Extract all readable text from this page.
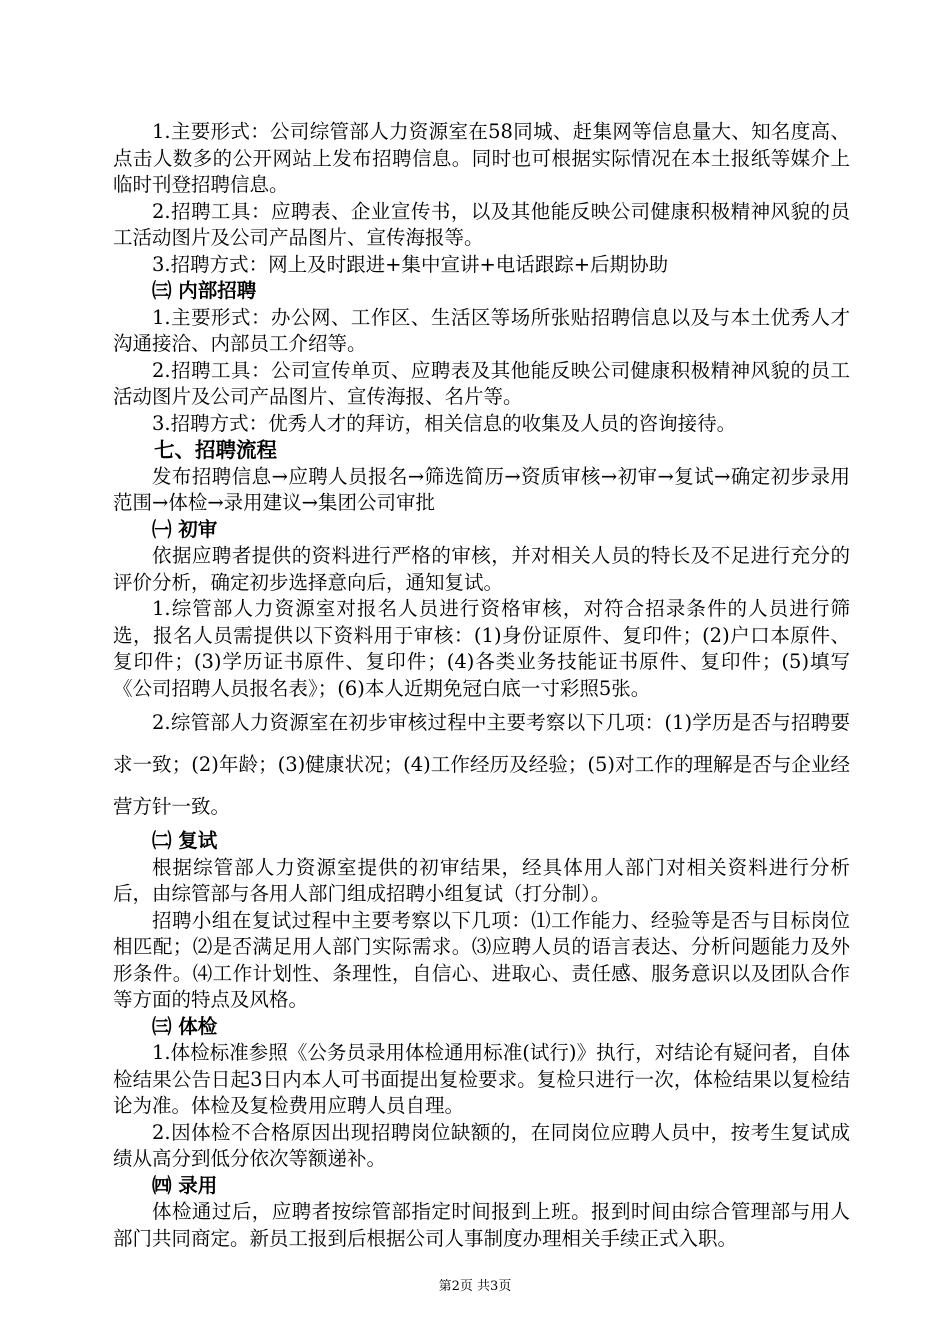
1.主要形式：公司综管部人力资源室在58同城、赶集网等信息量大、知名度高、点击人数多的公开网站上发布招聘信息。同时也可根据实际情况在本土报纸等媒介上临时刊登招聘信息。

2.招聘工具：应聘表、企业宣传书，以及其他能反映公司健康积极精神风貌的员工活动图片及公司产品图片、宣传海报等。

3.招聘方式：网上及时跟进+集中宣讲+电话跟踪+后期协助

㈢ 内部招聘

1.主要形式：办公网、工作区、生活区等场所张贴招聘信息以及与本土优秀人才沟通接洽、内部员工介绍等。

2.招聘工具：公司宣传单页、应聘表及其他能反映公司健康积极精神风貌的员工活动图片及公司产品图片、宣传海报、名片等。

3.招聘方式：优秀人才的拜访，相关信息的收集及人员的咨询接待。

七、招聘流程

发布招聘信息→应聘人员报名→筛选简历→资质审核→初审→复试→确定初步录用范围→体检→录用建议→集团公司审批

㈠ 初审

依据应聘者提供的资料进行严格的审核，并对相关人员的特长及不足进行充分的评价分析，确定初步选择意向后，通知复试。

1.综管部人力资源室对报名人员进行资格审核，对符合招录条件的人员进行筛选，报名人员需提供以下资料用于审核：(1)身份证原件、复印件；(2)户口本原件、复印件；(3)学历证书原件、复印件；(4)各类业务技能证书原件、复印件；(5)填写《公司招聘人员报名表》；(6)本人近期免冠白底一寸彩照5张。

2.综管部人力资源室在初步审核过程中主要考察以下几项：(1)学历是否与招聘要求一致；(2)年龄；(3)健康状况；(4)工作经历及经验；(5)对工作的理解是否与企业经营方针一致。

㈡ 复试

根据综管部人力资源室提供的初审结果，经具体用人部门对相关资料进行分析后，由综管部与各用人部门组成招聘小组复试（打分制）。

招聘小组在复试过程中主要考察以下几项：⑴工作能力、经验等是否与目标岗位相匹配；⑵是否满足用人部门实际需求。⑶应聘人员的语言表达、分析问题能力及外形条件。⑷工作计划性、条理性，自信心、进取心、责任感、服务意识以及团队合作等方面的特点及风格。

㈢ 体检

1.体检标准参照《公务员录用体检通用标准(试行)》执行，对结论有疑问者，自体检结果公告日起3日内本人可书面提出复检要求。复检只进行一次，体检结果以复检结论为准。体检及复检费用应聘人员自理。

2.因体检不合格原因出现招聘岗位缺额的，在同岗位应聘人员中，按考生复试成绩从高分到低分依次等额递补。

㈣ 录用

体检通过后，应聘者按综管部指定时间报到上班。报到时间由综合管理部与用人部门共同商定。新员工报到后根据公司人事制度办理相关手续正式入职。

第2页 共3页
